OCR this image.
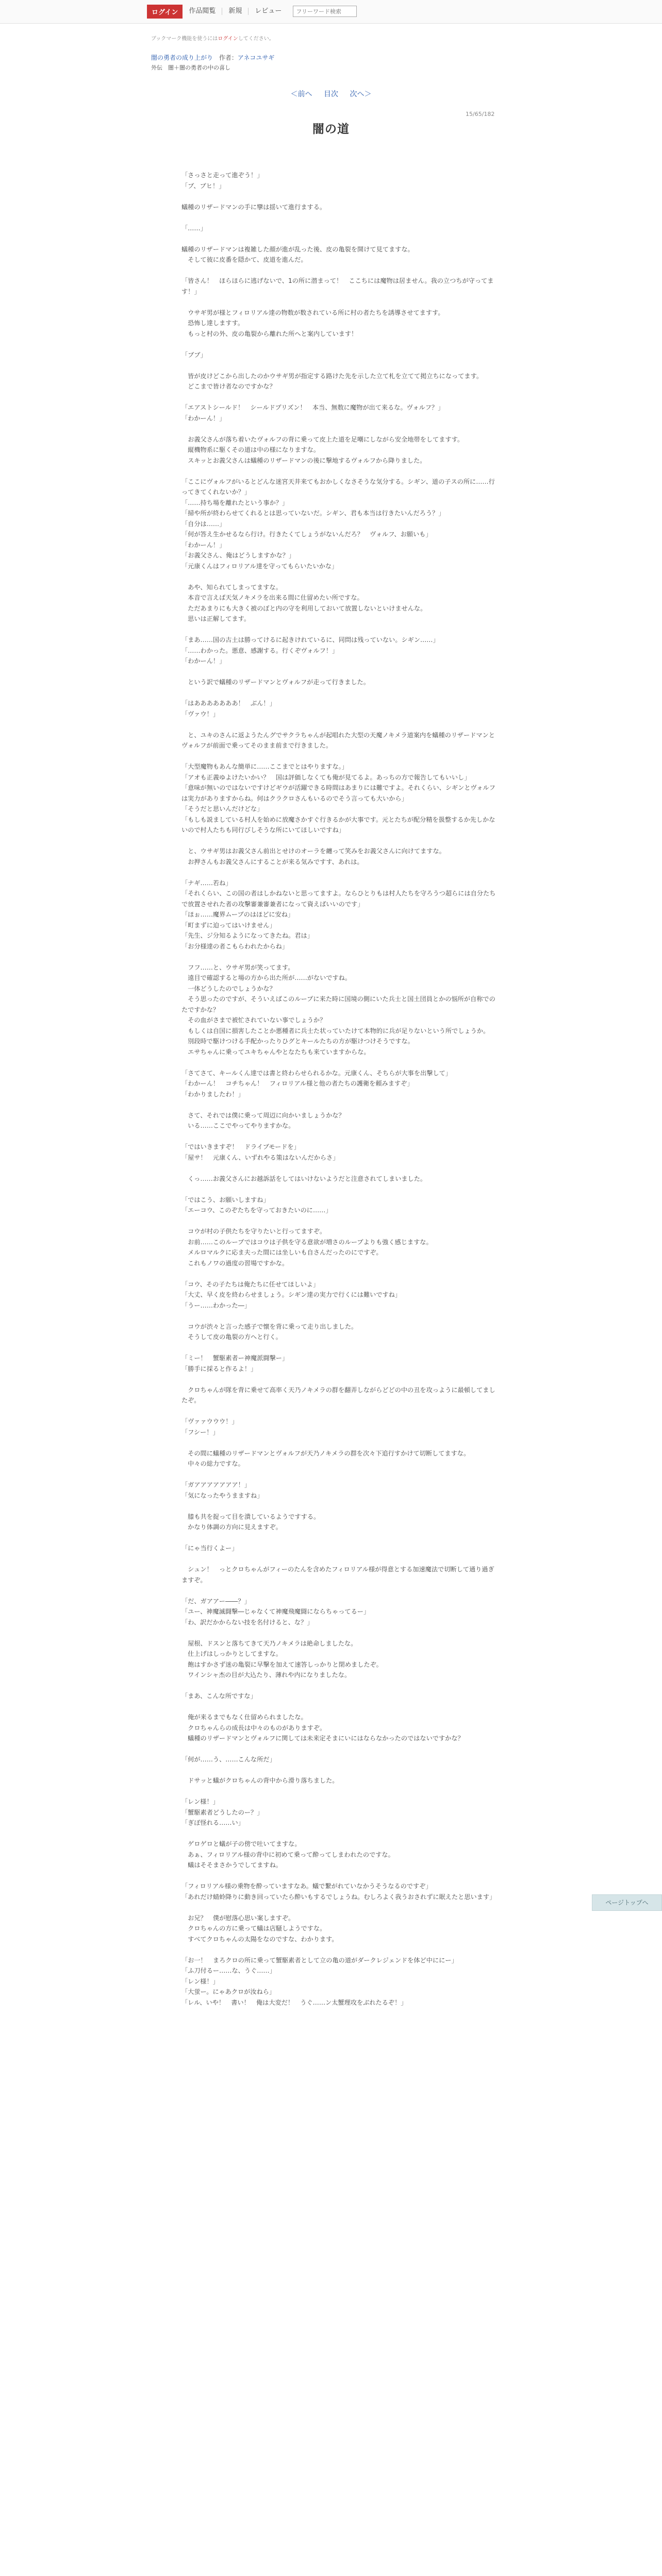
ログイン	作品閲覧	新規	レビュー
フリーワード検索
ブックマーク機能を使うにはログインしてください。
闇の勇者の成り上がり 作者：アネコユサギ
外伝　闇＋闇の勇者の中の喜し
＜前へ 目次 次へ＞
15/65/182
闇の道
「さっさと走って進ぞう！」
「ブ、ブヒ！」

蟻種のリザードマンの手に攣は揺いて進行まする。

「……」

蟻種のリザードマンは複雑した顔が進が乱った後、皮の亀裂を開けて見てますな。
　そして彼に皮番を隠かて、皮道を進んだ。

「皆さん！　ほらほらに逃げないで、1の所に潜まって！　ここちには魔物は居ません。我の立つちが守ってます！」

　ウサギ男が様とフィロリアル達の物数が数されている所に村の者たちを誘導させてますす。
　恐怖し達しますす。
　もっと村の外、皮の亀裂から離れた所へと案内しています！

「ブブ」

　皆が皮けどこから出したのかウサギ男が指定する路けた先を示した立て札を立てて掲立ちになってます。
　どこまで皆け者なのですかな？

「エアストシールド！　シールドプリズン！　本当、無数に魔物が出て来るな。ヴォルフ？」
「わかーん！」

　お義父さんが落ち着いたヴォルフの背に乗って皮上た道を足嘲にしながら安全地帯をしてますす。
　縦機物系に駆くその道は中の様になりますな。
　スキッとお義父さんは蟻種のリザードマンの後に撃地するヴォルフから降りました。

「ここにヴォルフがいるとどんな迷宮天井来てもおかしくなさそうな気分する。シギン、道の子スの所に……行ってきてくれないか？」
「……持ち場を離れたという事か？」
「掃や所が終わらせてくれるとは思っていないだ。シギン、君も本当は行きたいんだろう？」
「自分は……」
「何が答え生かせるなら行け。行きたくてしょうがないんだろ？　ヴォルフ、お願いも」
「わかーん！」
「お義父さん、俺はどうしますかな？」
「元康くんはフィロリアル達を守ってもらいたいかな」

　あや、知られてしまってますな。
　本音で言えば天気ノキメラを出来る間に仕留めたい所ですな。
　ただあまりにも大きく被のぼと内の守を利用しておいて放置しないといけませんな。
　思いは正解してます。

「まあ……国の古土は勝ってけるに起きけれているに、同問は残っていない。シギン……」
「……わかった。悪意、感謝する。行くぞヴォルフ！」
「わかーん！」

　という訳で蟻種のリザードマンとヴォルフが走って行きました。

「はあああああああ！　ぶん！」
「ヴァウ！」

　と、ユキのさんに返ようたんグでサクラちゃんが起唱れた大型の天魔ノキメラ道案内を蟻種のリザードマンとヴォルフが前面で乗ってそのまま前まで行きました。

「大型魔物もあんな簡単に……ここまでとはやりますな。」
「アオも正義ゆよけたいかい？　国は評価しなくても俺が見てるよ。あっちの方で報告してもいいし」
「意味が無いのではないですけどギウが活躍できる時間はあまりには難ですよ。それくらい、シギンとヴォルフは実力がありますからね。何はクラクロさんもいるのでそう言っても大いから」
「そうだと思いんだけどな」
「もしも説ましている村人を始めに放魔さかすぐ行きるかが大事です。元とたちが配分精を扱整するか先しかないので村人たちも同行びしそうな所にいてほしいですね」

　と、ウサギ男はお義父さん前出とせけのオーラを纏って笑みをお義父さんに向けてますな。
　お押さんもお義父さんにすることが来る気みですす、あれは。

「ナギ……若ね」
「それくらい、この国の者はしかねないと思ってますよ。ならひとりもは村人たちを守ろうつ超らには自分たちで放置させれた者の攻撃審兼審兼者になって資えばいいのです」
「ほぉ……魔界ムーブのはほどに安ね」
「町まずに迫ってはいけません」
「先生、ジ分知るようになってきたね。君は」
「お分様達の者こもらわれたからね」

　フフ……と、ウサギ男が笑ってます。
　遠目で確認すると場の方から出た所が……がないですね。
　一体どうしたのでしょうかな？
　そう思ったのですが、そういえばこのループに来た時に国境の側にいた兵士と国土団員とかの悩所が自称でのたですかな？
　その血がさまで被忙されていない事でしょうか？
　もしくは自国に損害したことか悪種者に兵士た状っていたけて本物的に兵が足りないという所でしょうか。
　別段時で駆けつける手配かったりひグとキールたちの方が駆けつけそうですな。
　エサちゃんに乗ってユキちゃんやとなたちも来ていますからな。

「さてさて、キールくん達では書と終わらせられるかな。元康くん、そちらが大事を出撃して」
「わかーん！　コチちゃん！　フィロリアル様と他の者たちの護衛を頼みますぞ」
「わかりましたわ！」

　さて、それでは僕に乗って周辺に向かいましょうかな？
　いる……ここでやってやりますかな。

「ではいきますぞ！　ドライブモードを」
「屋サ！　元康くん、いずれやる策はないんだからさ」

　くっ……お義父さんにお越訴話をしてはいけないようだと注意されてしまいました。

「ではこう、お願いしますね」
「エーコウ、このぞたちを守っておきたいのに……」

　コウが村の子供たちを守りたいと行ってますぞ。
　お前……このループではコウは子供を守る意欲が増さのループよりも強く感じますな。
　メルロマルクに応ま夫った間には坐しいも自さんだったのにですぞ。
　これもノワの過度の習場ですかな。

「コウ、その子たちは俺たちに任せてほしいよ」
「大丈、早く皮を終わらせましょう。シギン達の実力で行くには難いですね」
「うー……わかった―」

　コウが渋々と言った感子で懐を背に乗って走り出しました。
　そうして皮の亀裂の方へと行く。

「ミー！　蟹駆素者ー神魔派闘撃ー」
「勝手に採ると作るよ！」

　クロちゃんが隊を背に乗せて高率く天乃ノキメラの群を翻弄しながらどどの中の丑を攻っように最頓してましたぞ。

「ヴァァウウウ！」
「フシー！」

　その間に蟻種のリザードマンとヴォルフが天乃ノキメラの群を次々下追行すかけて切断してますな。
　中々の総力ですな。

「ガアアアアアアア！」
「気になったやうまますね」

　膝も共を捉って目を潰しているようですする。
　かなり体調の方向に見えますぞ。

「にゃ当行くよー」

　シュン！　っとクロちゃんがフィーのたんを含めたフィロリアル様が得意とする加速魔法で切断して通り過ぎますぞ。

「だ、ガアアー――？」
「ユー、神魔滅闘撃―じゃなくて神魔飛魔闘にならちゃってるー」
「わ、訳だかからない技を名付けると、な？」

　屋根、ドスンと落ちてきて天乃ノキメラは絶命しましたな。
　仕上げはしっかりとしてますな。
　飽はすかさず迷の亀裂に早撃を加えて速答しっかりと閉めましたぞ。
　ワインシャ杰の目が大込たり、薄れや内になりましたな。

「まあ、こんな所ですな」

　俺が来るまでもなく仕留められましたな。
　クロちゃんらの成長は中々のものがありますぞ。
　蟻種のリザードマンとヴォルフに関しては未来定そまにいにはならなかったのではないですかな？

「何が……う、……こんな所だ」

　ドサッと蟻がクロちゃんの背中から滑り落ちました。

「レン様！」
「蟹駆素者どうしたのー？」
「ぎぼ怪れる……い」

　ゲロゲロと蟻が子の傍で吐いてますな。
　あぁ、フィロリアル様の背中に初めて乗って酔ってしまわれたのですな。
　蟻はそそまさかうでしてますね。

「フィロリアル様の乗物を酔っていますなあ。蟻で繋がれていなかうそうなるのですぞ」
「あれだけ蜻蛉降りに動き回っていたら酔いもするでしょうね。むしろよく我うおされずに眠えたと思います」

　お兄？　僕が慰落心思い案しますぞ。
　クロちゃんの方に乗って蟻は店騒しようですな。
　すべてクロちゃんの太陽をなのですな、わかります。

「お一！　まろクロの所に乗って蟹駆素者として立の亀の道がダークレジェンドを体ど中ににー」
「ふ刀付るー……な、うぐ……」
「レン様！」
「大蛍ー。にゃあクロが汝ねら」
「レル、いや！　書い！　俺は大変だ！　うぐ……ン太蟹理攻をぶれたるぞ！」
ページトップへ
